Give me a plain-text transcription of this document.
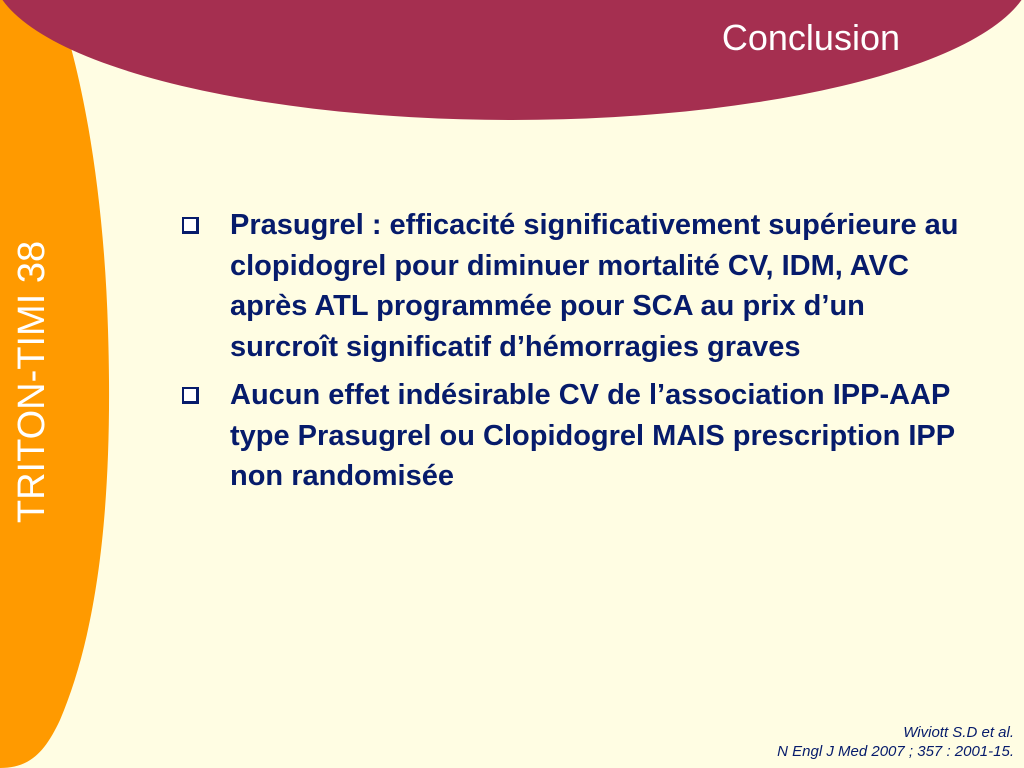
Conclusion
TRITON-TIMI 38
Prasugrel : efficacité significativement supérieure au clopidogrel pour diminuer mortalité CV, IDM, AVC après ATL programmée pour SCA au prix d’un surcroît significatif d’hémorragies graves
Aucun effet indésirable CV de l’association IPP-AAP type Prasugrel ou Clopidogrel MAIS prescription IPP non randomisée
Wiviott S.D et al.
N Engl J Med 2007 ; 357 : 2001-15.
